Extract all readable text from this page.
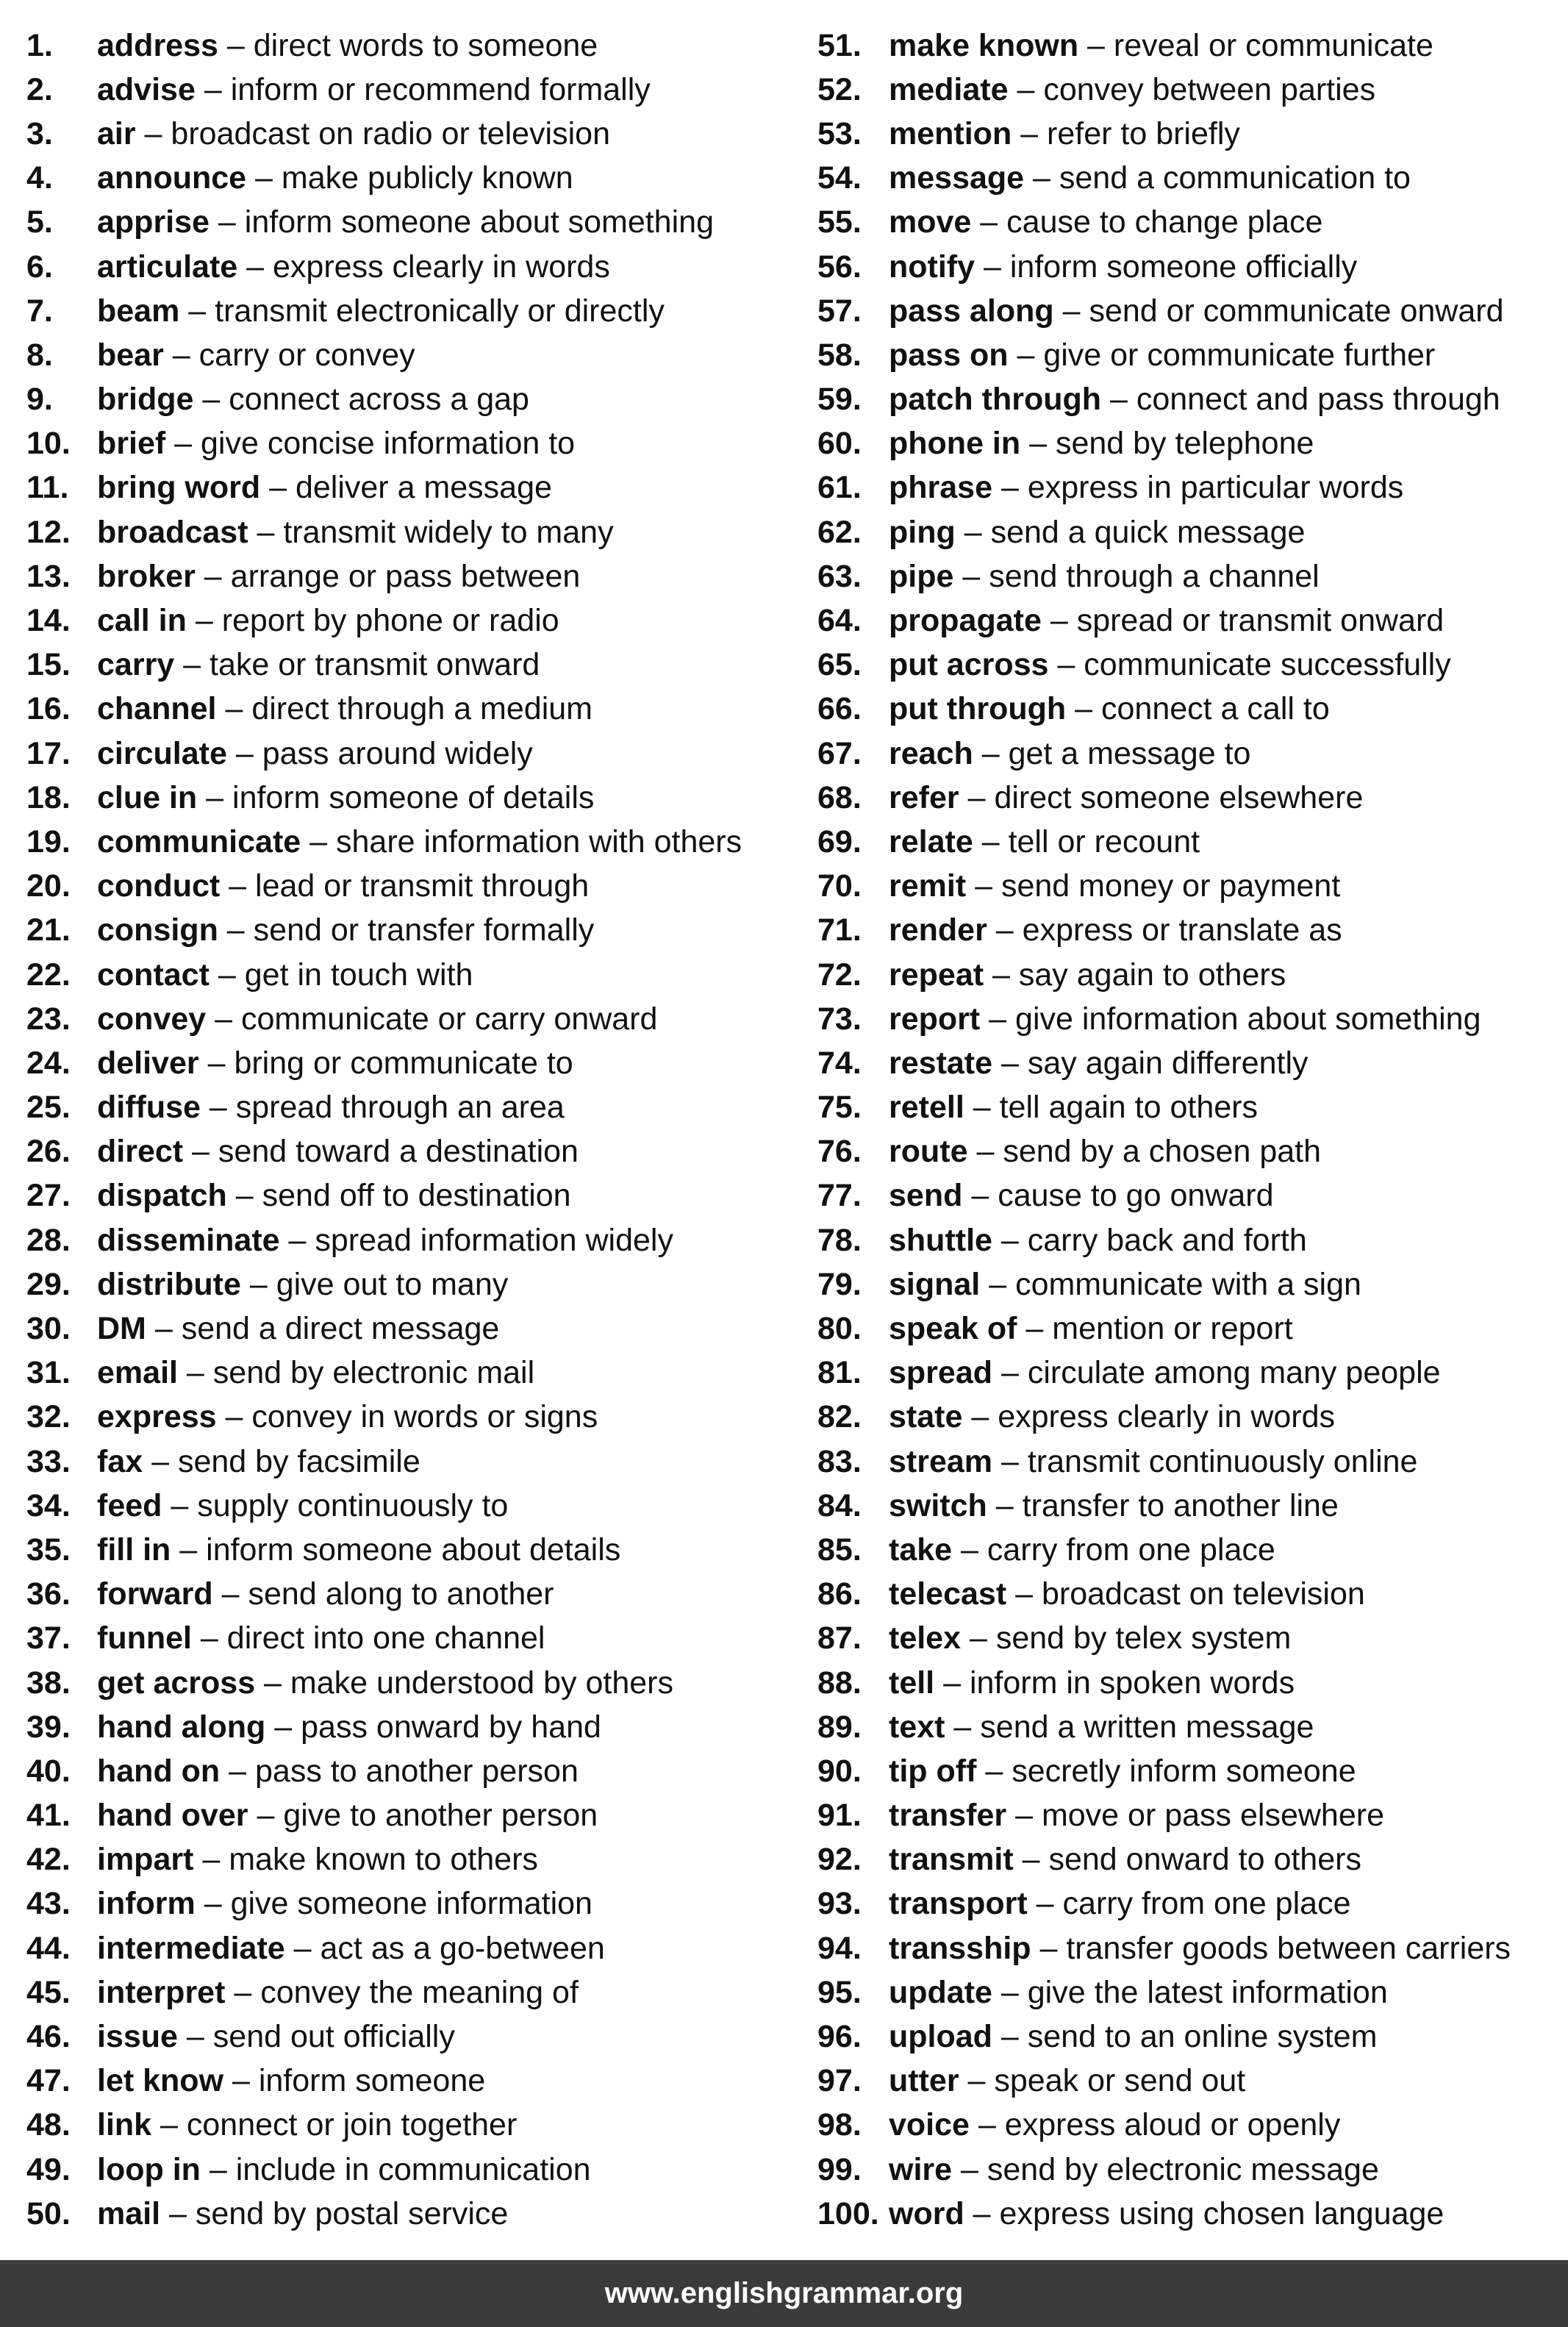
1.	address – direct words to someone
2.	advise – inform or recommend formally
3.	air – broadcast on radio or television
4.	announce – make publicly known
5.	apprise – inform someone about something
6.	articulate – express clearly in words
7.	beam – transmit electronically or directly
8.	bear – carry or convey
9.	bridge – connect across a gap
10. brief – give concise information to
11. bring word – deliver a message
12. broadcast – transmit widely to many
13. broker – arrange or pass between
14. call in – report by phone or radio
15. carry – take or transmit onward
16. channel – direct through a medium
17. circulate – pass around widely
18. clue in – inform someone of details
19. communicate – share information with others
20. conduct – lead or transmit through
21. consign – send or transfer formally
22. contact – get in touch with
23. convey – communicate or carry onward
24. deliver – bring or communicate to
25. diffuse – spread through an area
26. direct – send toward a destination
27. dispatch – send off to destination
28. disseminate – spread information widely
29. distribute – give out to many
30. DM – send a direct message
31. email – send by electronic mail
32. express – convey in words or signs
33. fax – send by facsimile
34. feed – supply continuously to
35. fill in – inform someone about details
36. forward – send along to another
37. funnel – direct into one channel
38. get across – make understood by others
39. hand along – pass onward by hand
40. hand on – pass to another person
41. hand over – give to another person
42. impart – make known to others
43. inform – give someone information
44. intermediate – act as a go-between
45. interpret – convey the meaning of
46. issue – send out officially
47. let know – inform someone
48. link – connect or join together
49. loop in – include in communication
50. mail – send by postal service
51. make known – reveal or communicate
52. mediate – convey between parties
53. mention – refer to briefly
54. message – send a communication to
55. move – cause to change place
56. notify – inform someone officially
57. pass along – send or communicate onward
58. pass on – give or communicate further
59. patch through – connect and pass through
60. phone in – send by telephone
61. phrase – express in particular words
62. ping – send a quick message
63. pipe – send through a channel
64. propagate – spread or transmit onward
65. put across – communicate successfully
66. put through – connect a call to
67. reach – get a message to
68. refer – direct someone elsewhere
69. relate – tell or recount
70. remit – send money or payment
71. render – express or translate as
72. repeat – say again to others
73. report – give information about something
74. restate – say again differently
75. retell – tell again to others
76. route – send by a chosen path
77. send – cause to go onward
78. shuttle – carry back and forth
79. signal – communicate with a sign
80. speak of – mention or report
81. spread – circulate among many people
82. state – express clearly in words
83. stream – transmit continuously online
84. switch – transfer to another line
85. take – carry from one place
86. telecast – broadcast on television
87. telex – send by telex system
88. tell – inform in spoken words
89. text – send a written message
90. tip off – secretly inform someone
91. transfer – move or pass elsewhere
92. transmit – send onward to others
93. transport – carry from one place
94. transship – transfer goods between carriers
95. update – give the latest information
96. upload – send to an online system
97. utter – speak or send out
98. voice – express aloud or openly
99. wire – send by electronic message
100. word – express using chosen language
www.englishgrammar.org
